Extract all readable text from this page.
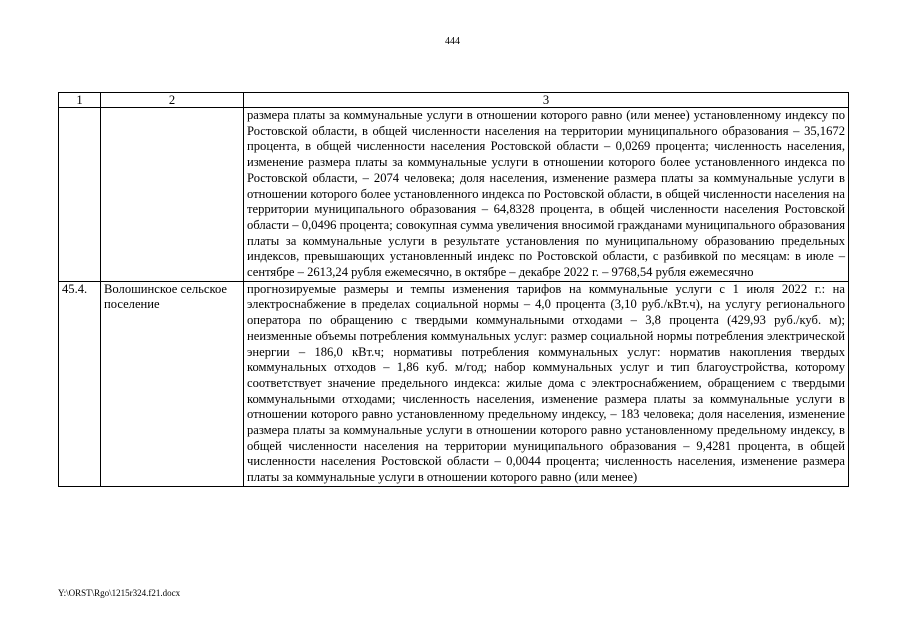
444
1	2	3
		размера платы за коммунальные услуги в отношении которого равно (или менее) установленному индексу по Ростовской области, в общей численности населения на территории муниципального образования – 35,1672 процента, в общей численности населения Ростовской области – 0,0269 процента; численность населения, изменение размера платы за коммунальные услуги в отношении которого более установленного индекса по Ростовской области, – 2074 человека; доля населения, изменение размера платы за коммунальные услуги в отношении которого более установленного индекса по Ростовской области, в общей численности населения на территории муниципального образования – 64,8328 процента, в общей численности населения Ростовской области – 0,0496 процента; совокупная сумма увеличения вносимой гражданами муниципального образования платы за коммунальные услуги в результате установления по муниципальному образованию предельных индексов, превышающих установленный индекс по Ростовской области, с разбивкой по месяцам: в июле – сентябре – 2613,24 рубля ежемесячно, в октябре – декабре 2022 г. – 9768,54 рубля ежемесячно
45.4.	Волошинское сельское поселение	прогнозируемые размеры и темпы изменения тарифов на коммунальные услуги с 1 июля 2022 г.: на электроснабжение в пределах социальной нормы – 4,0 процента (3,10 руб./кВт.ч), на услугу регионального оператора по обращению с твердыми коммунальными отходами – 3,8 процента (429,93 руб./куб. м); неизменные объемы потребления коммунальных услуг: размер социальной нормы потребления электрической энергии – 186,0 кВт.ч; нормативы потребления коммунальных услуг: норматив накопления твердых коммунальных отходов – 1,86 куб. м/год; набор коммунальных услуг и тип благоустройства, которому соответствует значение предельного индекса: жилые дома с электроснабжением, обращением с твердыми коммунальными отходами; численность населения, изменение размера платы за коммунальные услуги в отношении которого равно установленному предельному индексу, – 183 человека; доля населения, изменение размера платы за коммунальные услуги в отношении которого равно установленному предельному индексу, в общей численности населения на территории муниципального образования – 9,4281 процента, в общей численности населения Ростовской области – 0,0044 процента; численность населения, изменение размера платы за коммунальные услуги в отношении которого равно (или менее)
Y:\ORST\Rgo\1215r324.f21.docx
